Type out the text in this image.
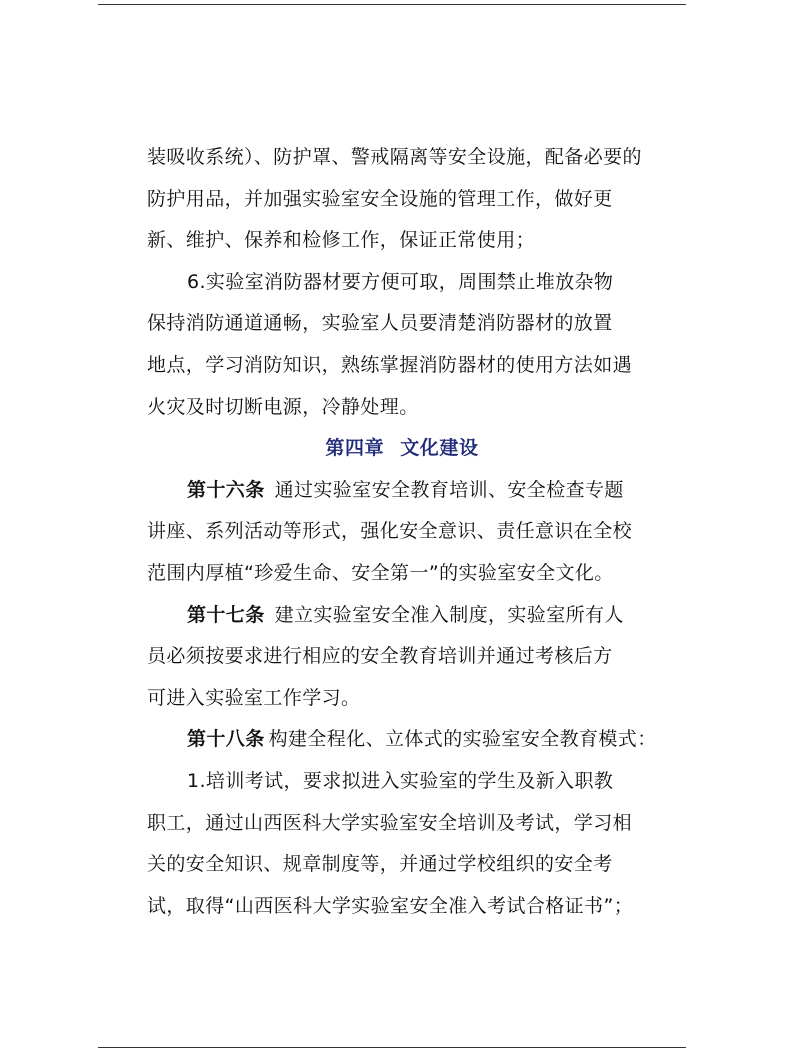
装吸收系统）、防护罩、警戒隔离等安全设施，配备必要的
防护用品，并加强实验室安全设施的管理工作，做好更
新、维护、保养和检修工作，保证正常使用；
6.实验室消防器材要方便可取，周围禁止堆放杂物
保持消防通道通畅，实验室人员要清楚消防器材的放置
地点，学习消防知识，熟练掌握消防器材的使用方法如遇
火灾及时切断电源，冷静处理。
第四章 文化建设
第十六条 通过实验室安全教育培训、安全检查专题
讲座、系列活动等形式，强化安全意识、责任意识在全校
范围内厚植“珍爱生命、安全第一”的实验室安全文化。
第十七条 建立实验室安全准入制度，实验室所有人
员必须按要求进行相应的安全教育培训并通过考核后方
可进入实验室工作学习。
第十八条 构建全程化、立体式的实验室安全教育模式：
1.培训考试，要求拟进入实验室的学生及新入职教
职工，通过山西医科大学实验室安全培训及考试，学习相
关的安全知识、规章制度等，并通过学校组织的安全考
试，取得“山西医科大学实验室安全准入考试合格证书”；
